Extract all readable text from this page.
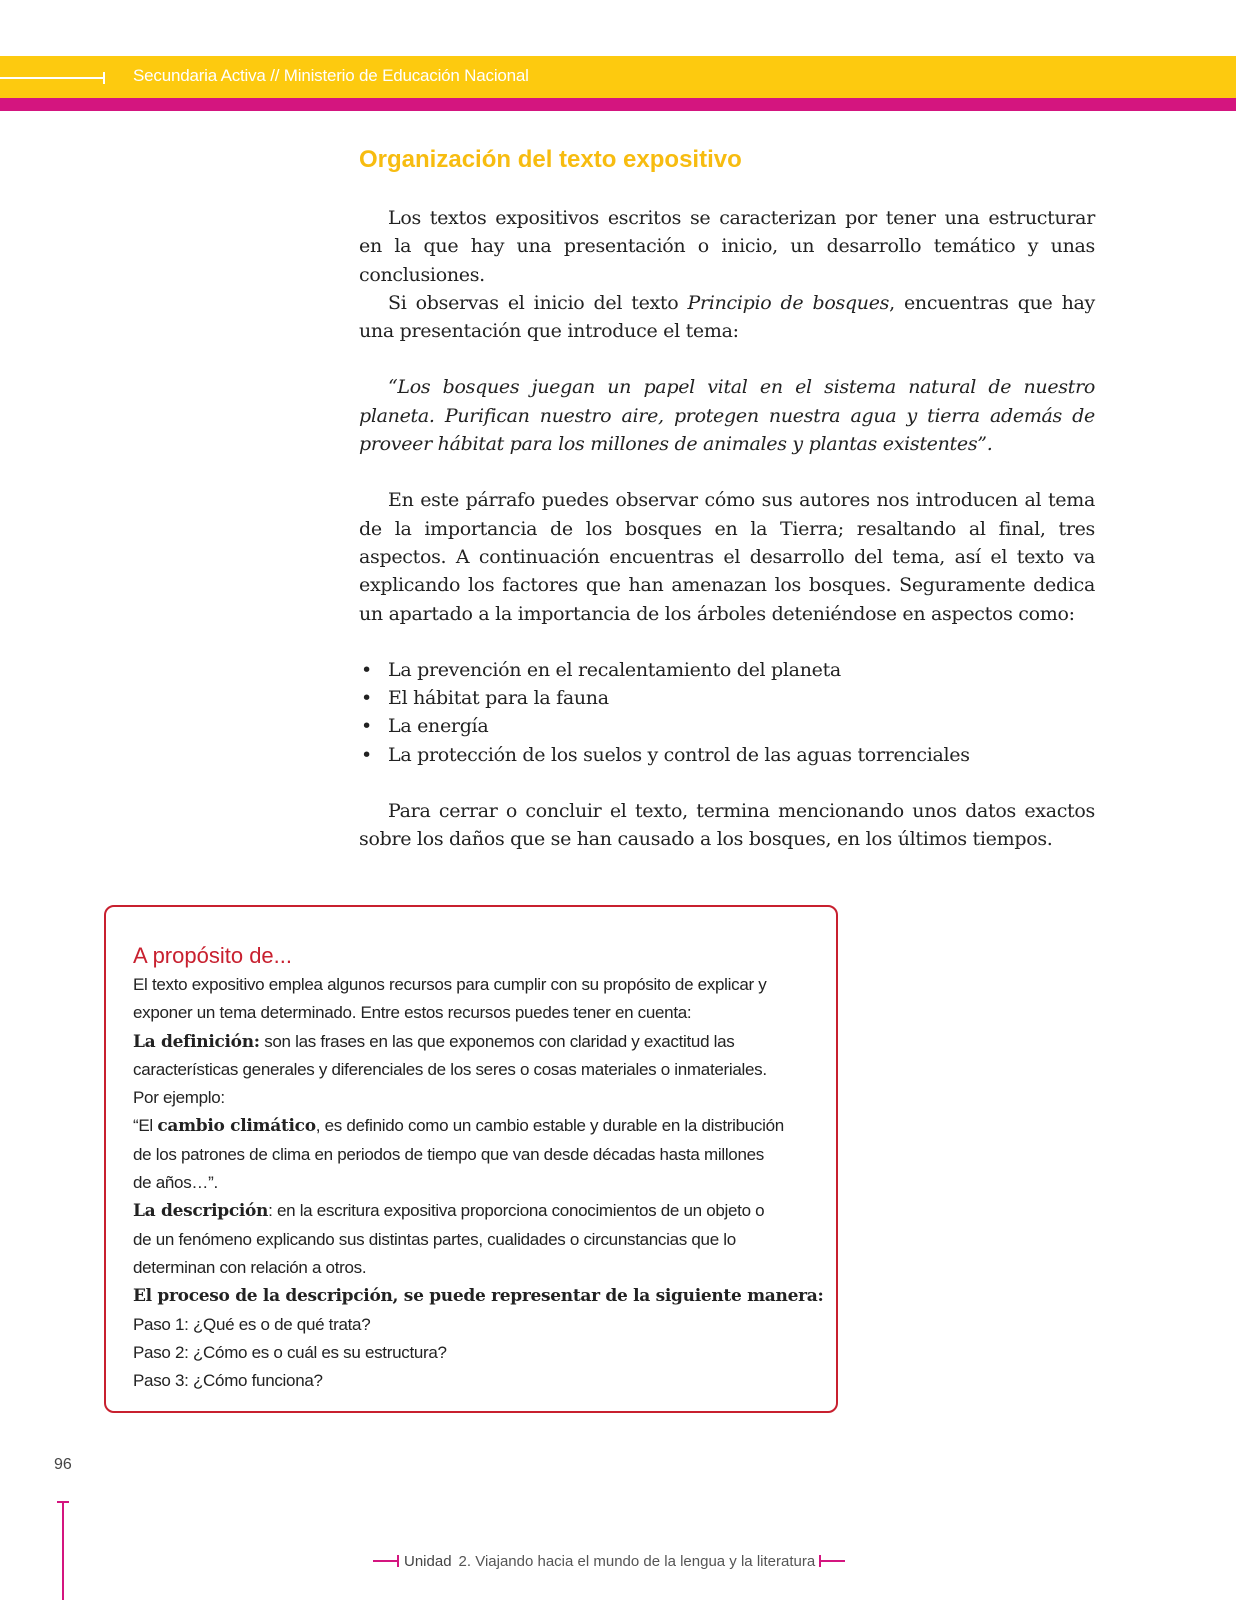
Secundaria Activa // Ministerio de Educación Nacional
Organización del texto expositivo

Los textos expositivos escritos se caracterizan por tener una estructurar en la que hay una presentación o inicio, un desarrollo temático y unas conclusiones.

Si observas el inicio del texto Principio de bosques, encuentras que hay una presentación que introduce el tema:

“Los bosques juegan un papel vital en el sistema natural de nuestro planeta. Purifican nuestro aire, protegen nuestra agua y tierra además de proveer hábitat para los millones de animales y plantas existentes”.

En este párrafo puedes observar cómo sus autores nos introducen al tema de la importancia de los bosques en la Tierra; resaltando al final, tres aspectos. A continuación encuentras el desarrollo del tema, así el texto va explicando los factores que han amenazan los bosques. Seguramente dedica un apartado a la importancia de los árboles deteniéndose en aspectos como:

• La prevención en el recalentamiento del planeta
• El hábitat para la fauna
• La energía
• La protección de los suelos y control de las aguas torrenciales

Para cerrar o concluir el texto, termina mencionando unos datos exactos sobre los daños que se han causado a los bosques, en los últimos tiempos.

A propósito de...

El texto expositivo emplea algunos recursos para cumplir con su propósito de explicar y

exponer un tema determinado. Entre estos recursos puedes tener en cuenta:

La definición: son las frases en las que exponemos con claridad y exactitud las

características generales y diferenciales de los seres o cosas materiales o inmateriales.

Por ejemplo:

“El cambio climático, es definido como un cambio estable y durable en la distribución

de los patrones de clima en periodos de tiempo que van desde décadas hasta millones

de años…”.

La descripción: en la escritura expositiva proporciona conocimientos de un objeto o

de un fenómeno explicando sus distintas partes, cualidades o circunstancias que lo

determinan con relación a otros.

El proceso de la descripción, se puede representar de la siguiente manera:

Paso 1: ¿Qué es o de qué trata?

Paso 2: ¿Cómo es o cuál es su estructura?

Paso 3: ¿Cómo funciona?

96
Unidad 2. Viajando hacia el mundo de la lengua y la literatura
